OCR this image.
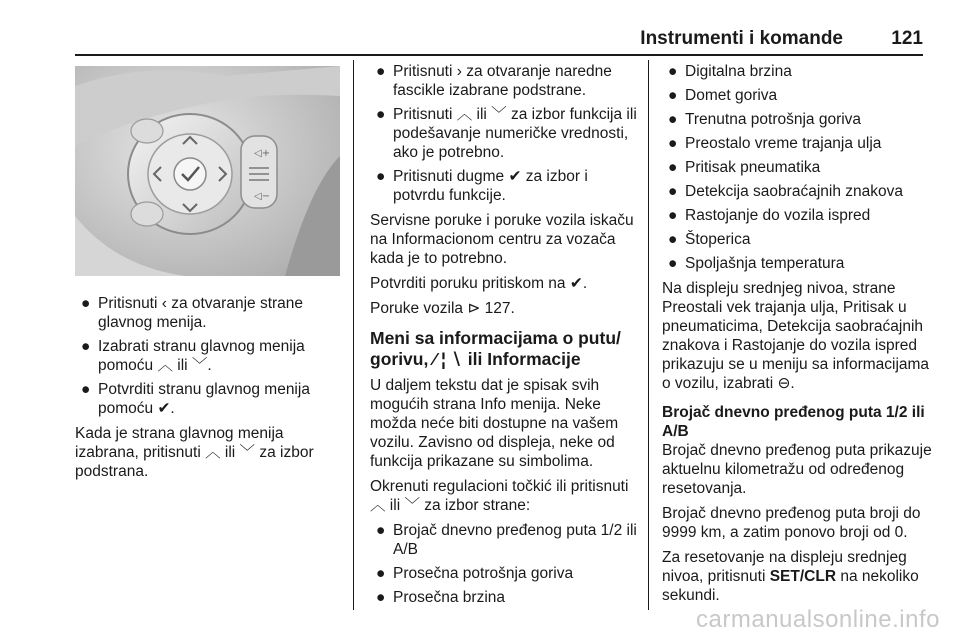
Instrumenti i komande	121
◁+
◁−
● Pritisnuti ‹ za otvaranje strane glavnog menija.
● Izabrati stranu glavnog menija pomoću ︿ ili ﹀.
● Potvrditi stranu glavnog menija pomoću ✔.

Kada je strana glavnog menija izabrana, pritisnuti ︿ ili ﹀ za izbor podstrana.

● Pritisnuti › za otvaranje naredne fascikle izabrane podstrane.
● Pritisnuti ︿ ili ﹀ za izbor funkcija ili podešavanje numeričke vrednosti, ako je potrebno.
● Pritisnuti dugme ✔ za izbor i potvrdu funkcije.

Servisne poruke i poruke vozila iskaču na Informacionom centru za vozača kada je to potrebno.

Potvrditi poruku pritiskom na ✔.

Poruke vozila ⊳ 127.

Meni sa informacijama o putu/ gorivu, ⁄ ¦ ∖ ili Informacije

U daljem tekstu dat je spisak svih mogućih strana Info menija. Neke možda neće biti dostupne na vašem vozilu. Zavisno od displeja, neke od funkcija prikazane su simbolima.

Okrenuti regulacioni točkić ili pritisnuti ︿ ili ﹀ za izbor strane:

● Brojač dnevno pređenog puta 1/2 ili A/B
● Prosečna potrošnja goriva
● Prosečna brzina
● Digitalna brzina
● Domet goriva
● Trenutna potrošnja goriva
● Preostalo vreme trajanja ulja
● Pritisak pneumatika
● Detekcija saobraćajnih znakova
● Rastojanje do vozila ispred
● Štoperica
● Spoljašnja temperatura

Na displeju srednjeg nivoa, strane Preostali vek trajanja ulja, Pritisak u pneumaticima, Detekcija saobraćajnih znakova i Rastojanje do vozila ispred prikazuju se u meniju sa informacijama o vozilu, izabrati ⊖.

Brojač dnevno pređenog puta 1/2 ili A/B

Brojač dnevno pređenog puta prikazuje aktuelnu kilometražu od određenog resetovanja.

Brojač dnevno pređenog puta broji do 9999 km, a zatim ponovo broji od 0.

Za resetovanje na displeju srednjeg nivoa, pritisnuti SET/CLR na nekoliko sekundi.

carmanualsonline.info
